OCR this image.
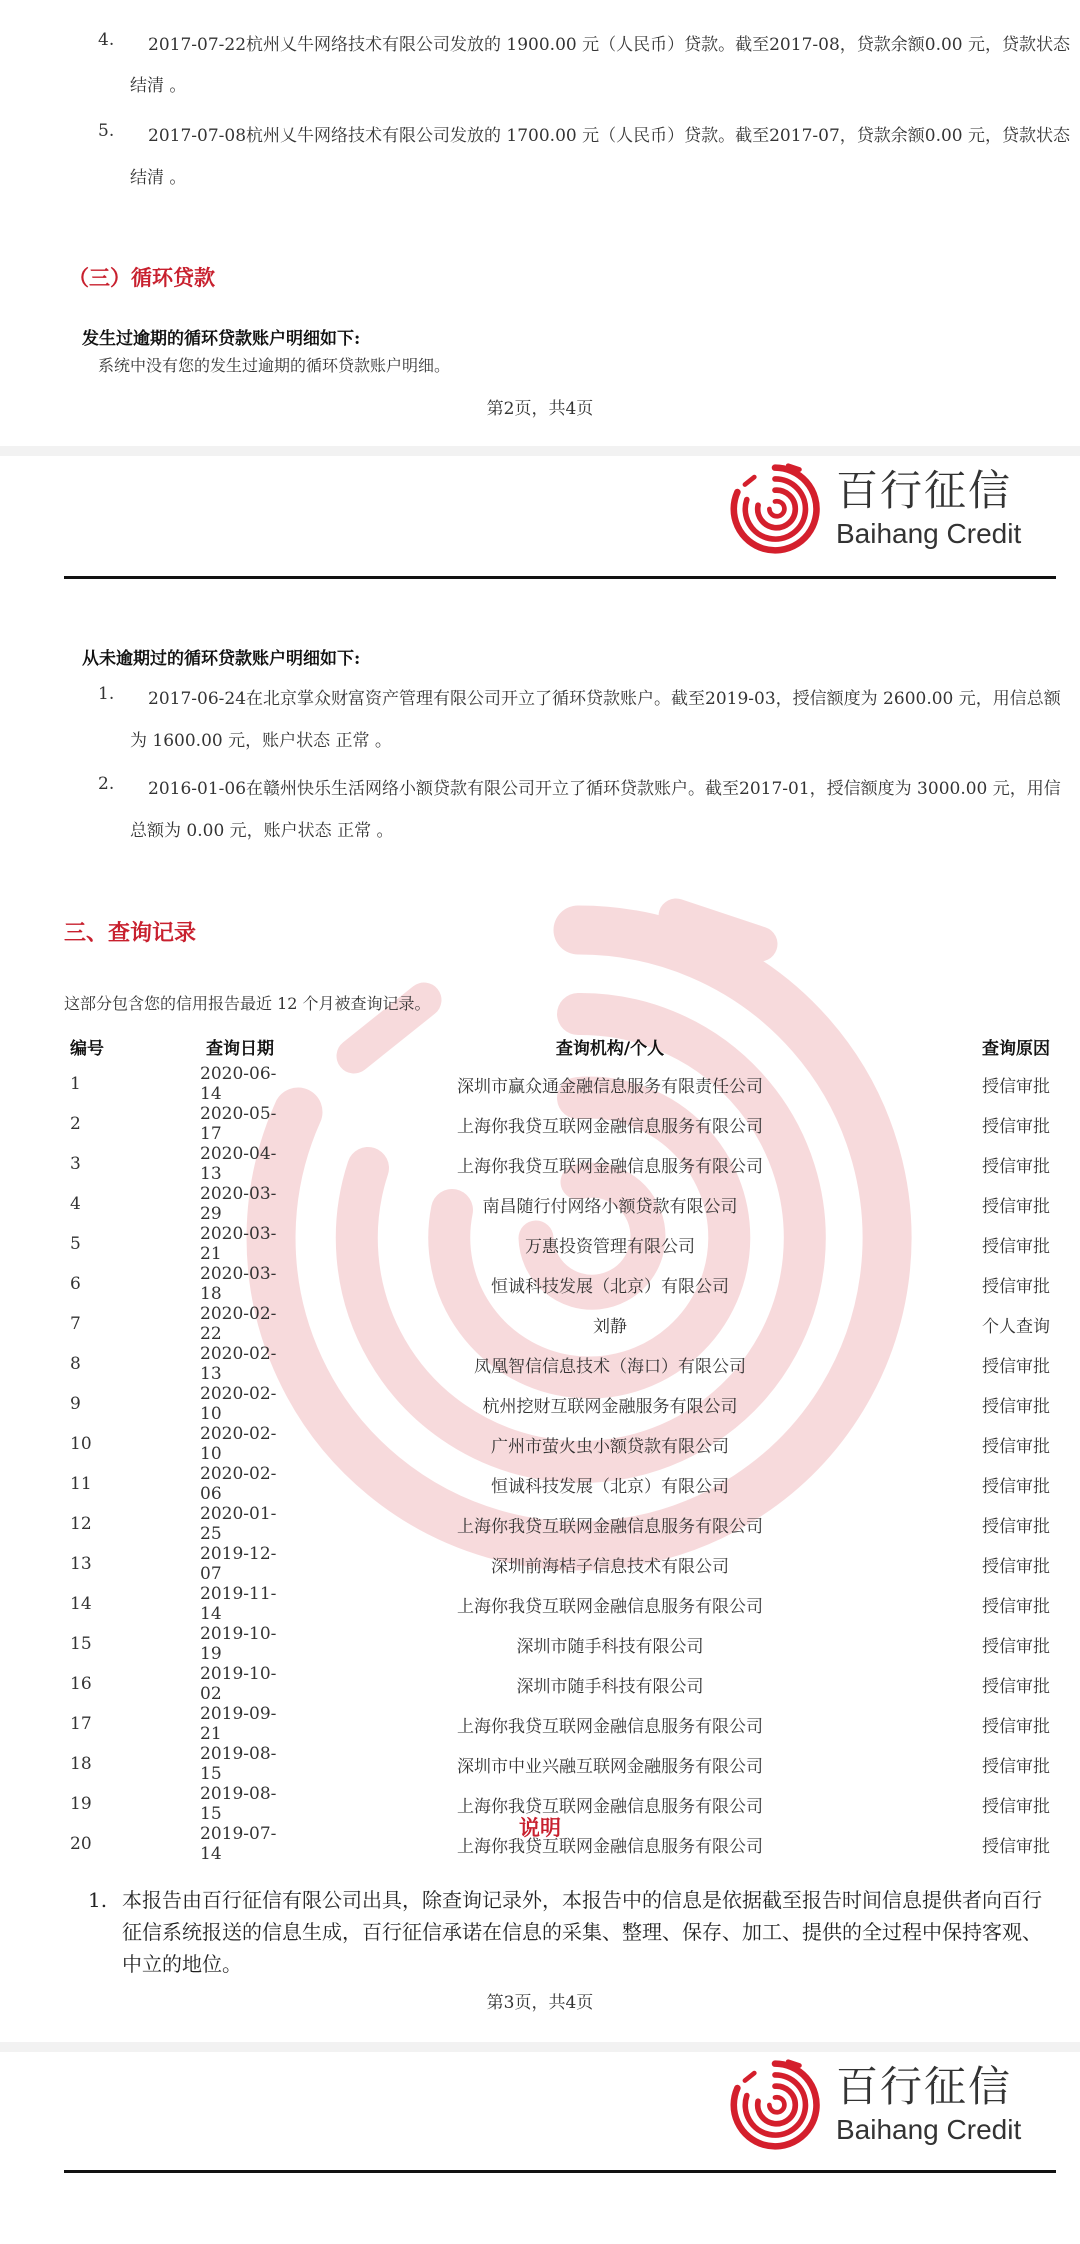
4. 2017-07-22杭州乂牛网络技术有限公司发放的 1900.00 元（人民币）贷款。截至2017-08，贷款余额0.00 元，贷款状态
结清 。
5. 2017-07-08杭州乂牛网络技术有限公司发放的 1700.00 元（人民币）贷款。截至2017-07，贷款余额0.00 元，贷款状态
结清 。
（三）循环贷款
发生过逾期的循环贷款账户明细如下:
系统中没有您的发生过逾期的循环贷款账户明细。
第2页，共4页
百行征信
Baihang Credit
从未逾期过的循环贷款账户明细如下:
1. 2017-06-24在北京掌众财富资产管理有限公司开立了循环贷款账户。截至2019-03，授信额度为 2600.00 元，用信总额
为 1600.00 元，账户状态 正常 。
2. 2016-01-06在赣州快乐生活网络小额贷款有限公司开立了循环贷款账户。截至2017-01，授信额度为 3000.00 元，用信
总额为 0.00 元，账户状态 正常 。
三、查询记录
这部分包含您的信用报告最近 12 个月被查询记录。
编号	查询日期	查询机构/个人	查询原因
1	2020-06-14	深圳市赢众通金融信息服务有限责任公司	授信审批
2	2020-05-17	上海你我贷互联网金融信息服务有限公司	授信审批
3	2020-04-13	上海你我贷互联网金融信息服务有限公司	授信审批
4	2020-03-29	南昌随行付网络小额贷款有限公司	授信审批
5	2020-03-21	万惠投资管理有限公司	授信审批
6	2020-03-18	恒诚科技发展（北京）有限公司	授信审批
7	2020-02-22	刘静	个人查询
8	2020-02-13	凤凰智信信息技术（海口）有限公司	授信审批
9	2020-02-10	杭州挖财互联网金融服务有限公司	授信审批
10	2020-02-10	广州市萤火虫小额贷款有限公司	授信审批
11	2020-02-06	恒诚科技发展（北京）有限公司	授信审批
12	2020-01-25	上海你我贷互联网金融信息服务有限公司	授信审批
13	2019-12-07	深圳前海桔子信息技术有限公司	授信审批
14	2019-11-14	上海你我贷互联网金融信息服务有限公司	授信审批
15	2019-10-19	深圳市随手科技有限公司	授信审批
16	2019-10-02	深圳市随手科技有限公司	授信审批
17	2019-09-21	上海你我贷互联网金融信息服务有限公司	授信审批
18	2019-08-15	深圳市中业兴融互联网金融服务有限公司	授信审批
19	2019-08-15	上海你我贷互联网金融信息服务有限公司	授信审批
20	2019-07-14	上海你我贷互联网金融信息服务有限公司	授信审批
说明
1. 本报告由百行征信有限公司出具，除查询记录外，本报告中的信息是依据截至报告时间信息提供者向百行征信系统报送的信息生成，百行征信承诺在信息的采集、整理、保存、加工、提供的全过程中保持客观、中立的地位。
第3页，共4页
百行征信
Baihang Credit
